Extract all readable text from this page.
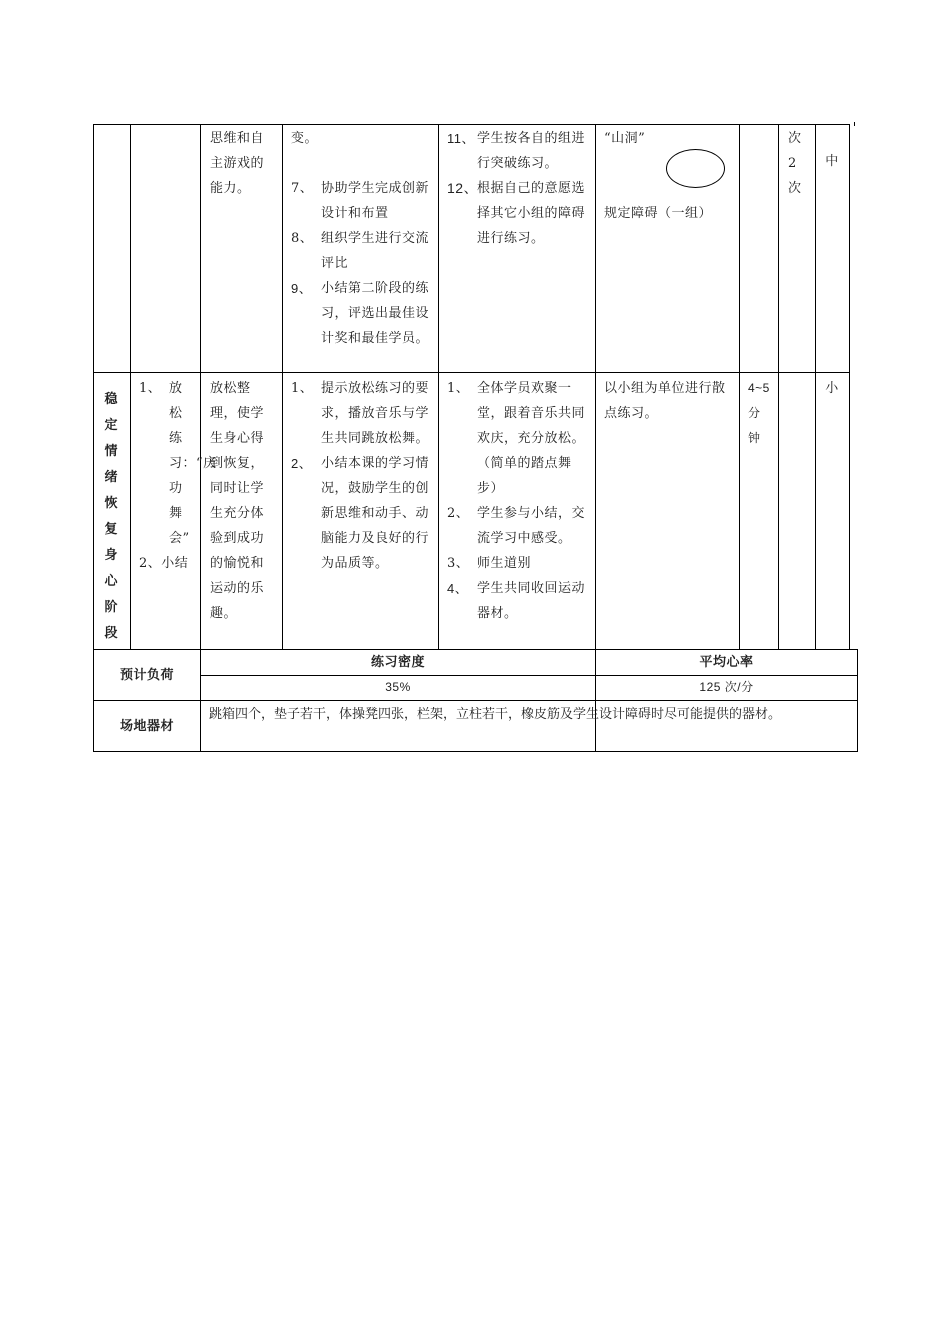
思维和自主游戏的能力。
变。
7、 协助学生完成创新设计和布置
8、 组织学生进行交流评比
9、 小结第二阶段的练习，评选出最佳设计奖和最佳学员。
11、 学生按各自的组进行突破练习。
12、
根据自己的意愿选择其它小组的障碍进行练习。
“山洞”
规定障碍（一组）
次2次
中
稳定情绪恢复身心阶段
1、 放松练习：“庆功舞会”
2、小结
放松整理，使学生身心得到恢复，同时让学生充分体验到成功的愉悦和运动的乐趣。
1、 提示放松练习的要求，播放音乐与学生共同跳放松舞。
2、 小结本课的学习情况，鼓励学生的创新思维和动手、动脑能力及良好的行为品质等。
1、 全体学员欢聚一堂，跟着音乐共同欢庆，充分放松。（简单的踏点舞步）
2、 学生参与小结，交流学习中感受。
3、 师生道别
4、 学生共同收回运动器材。
以小组为单位进行散点练习。
4~5分钟
小
预计负荷
练习密度
35%
平均心率
125 次/分
场地器材
跳箱四个，垫子若干，体操凳四张，栏架，立柱若干，橡皮筋及学生设计障碍时尽可能提供的器材。
